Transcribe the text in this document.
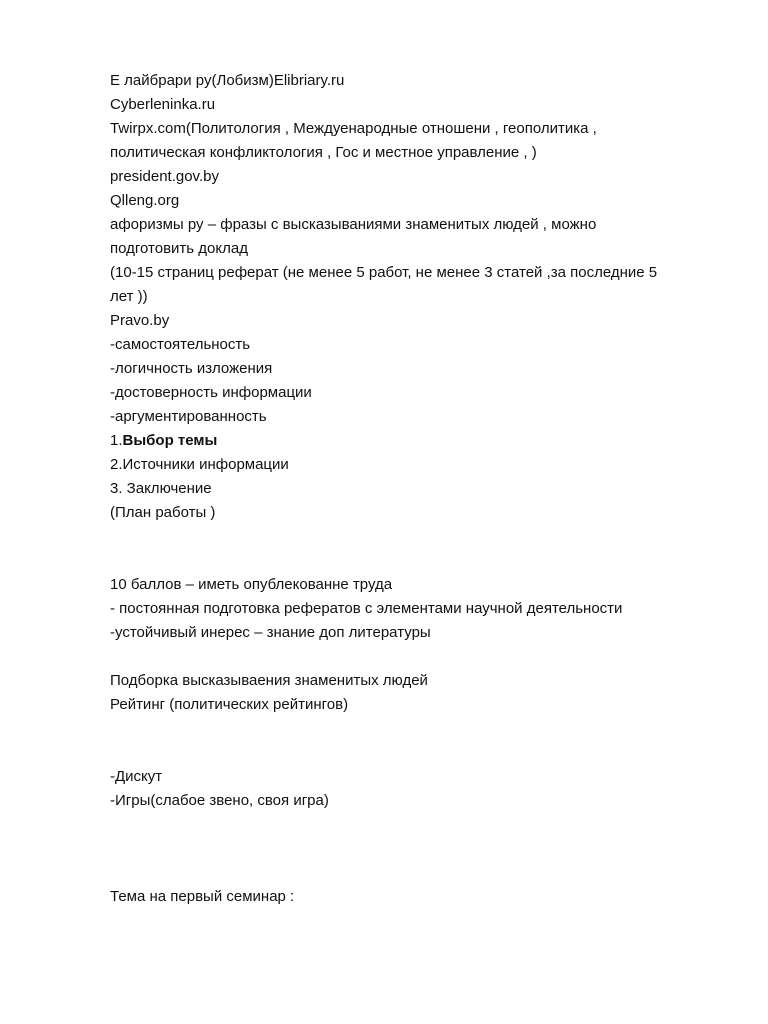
Е лайбрари ру(Лобизм)Elibriary.ru
Cyberleninka.ru
Twirpx.com(Политология , Междуенародные отношени , геополитика ,
политическая конфликтология , Гос и местное управление , )
president.gov.by
Qlleng.org
афоризмы ру – фразы с высказываниями знаменитых людей , можно
подготовить доклад
(10-15 страниц реферат (не менее 5 работ, не менее 3 статей ,за последние 5
лет ))
Pravo.by
-самостоятельность
-логичность изложения
-достоверность информации
-аргументированность
1.Выбор темы
2.Источники информации
3. Заключение
(План работы )
10 баллов – иметь опублекованне труда
- постоянная подготовка рефератов с элементами научной деятельности
-устойчивый инерес – знание доп литературы
Подборка высказываения знаменитых людей
Рейтинг (политических рейтингов)
-Дискут
-Игры(слабое звено, своя игра)
Тема на первый семинар :
